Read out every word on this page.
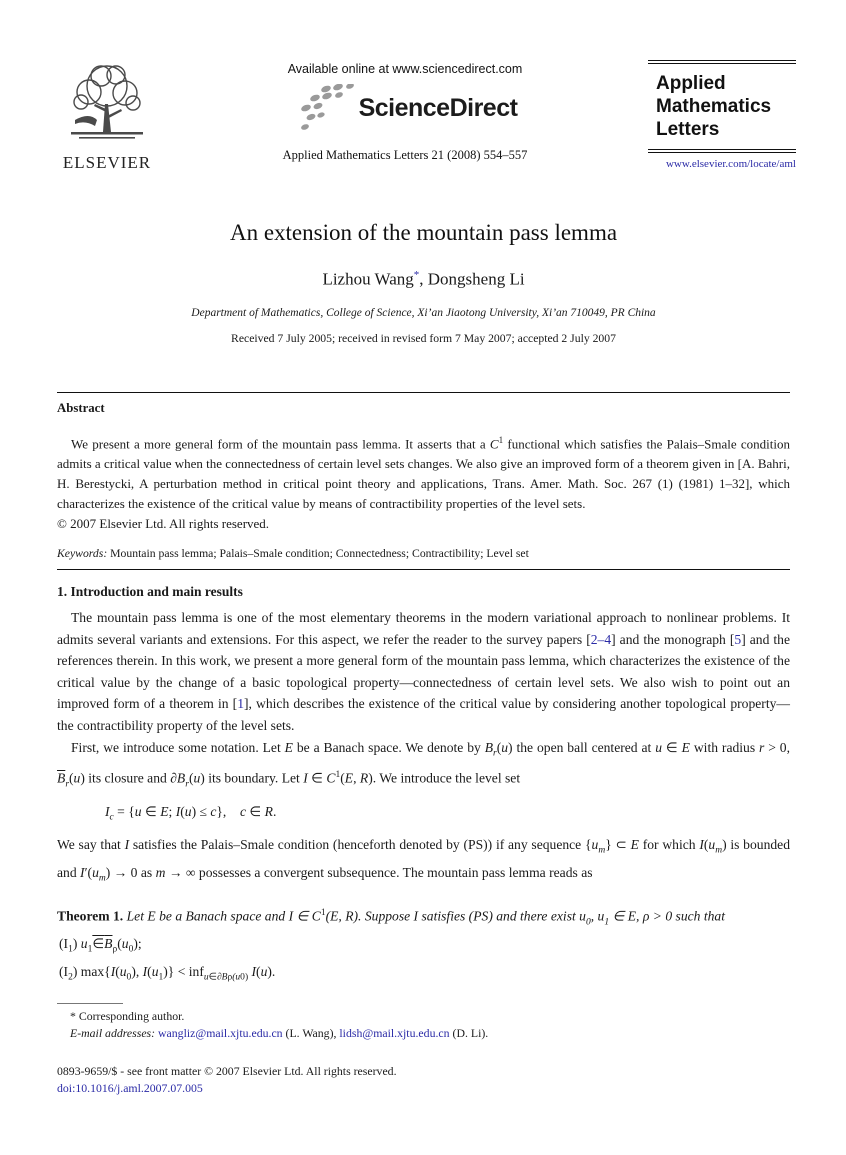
ELSEVIER
Available online at www.sciencedirect.com
ScienceDirect
Applied Mathematics Letters 21 (2008) 554–557
Applied
Mathematics
Letters
www.elsevier.com/locate/aml
An extension of the mountain pass lemma
Lizhou Wang*, Dongsheng Li
Department of Mathematics, College of Science, Xi’an Jiaotong University, Xi’an 710049, PR China
Received 7 July 2005; received in revised form 7 May 2007; accepted 2 July 2007
Abstract

We present a more general form of the mountain pass lemma. It asserts that a $C^1$ functional which satisfies the Palais–Smale condition admits a critical value when the connectedness of certain level sets changes. We also give an improved form of a theorem given in [A. Bahri, H. Berestycki, A perturbation method in critical point theory and applications, Trans. Amer. Math. Soc. 267 (1) (1981) 1–32], which characterizes the existence of the critical value by means of contractibility properties of the level sets.

© 2007 Elsevier Ltd. All rights reserved.

Keywords: Mountain pass lemma; Palais–Smale condition; Connectedness; Contractibility; Level set

1. Introduction and main results

The mountain pass lemma is one of the most elementary theorems in the modern variational approach to nonlinear problems. It admits several variants and extensions. For this aspect, we refer the reader to the survey papers [2–4] and the monograph [5] and the references therein. In this work, we present a more general form of the mountain pass lemma, which characterizes the existence of the critical value by the change of a basic topological property—connectedness of certain level sets. We also wish to point out an improved form of a theorem in [1], which describes the existence of the critical value by considering another topological property—the contractibility property of the level sets.

First, we introduce some notation. Let E be a Banach space. We denote by $B_r(u)$ the open ball centered at u ∈ E with radius r > 0, $\overline{B}_r(u)$ its closure and $\partial B_r(u)$ its boundary. Let I ∈ $C^1(E$, R). We introduce the level set

$I_c = \{u$ ∈ E; I(u) ≤ c},    c ∈ R.

We say that I satisfies the Palais–Smale condition (henceforth denoted by (PS)) if any sequence $\{u_m\}$ ⊂ E for which $I(u_m)$ is bounded and $I'(u_m) \to 0$ as m → ∞ possesses a convergent subsequence. The mountain pass lemma reads as

Theorem 1. Let E be a Banach space and I ∈ $C^1(E$, R). Suppose I satisfies (PS) and there exist $u_0$, $u_1$ ∈ E, ρ > 0 such that

$(I_1)$ $u_1\in\overline{B}_\rho(u_0)$;
$(I_2)$ $\max\{I(u_0)$, $I(u_1)\} < inf_{u\in\partial B\rho(u0)}$ I(u).

* Corresponding author.

E-mail addresses: wangliz@mail.xjtu.edu.cn (L. Wang), lidsh@mail.xjtu.edu.cn (D. Li).

0893-9659/$ - see front matter © 2007 Elsevier Ltd. All rights reserved.

doi:10.1016/j.aml.2007.07.005
